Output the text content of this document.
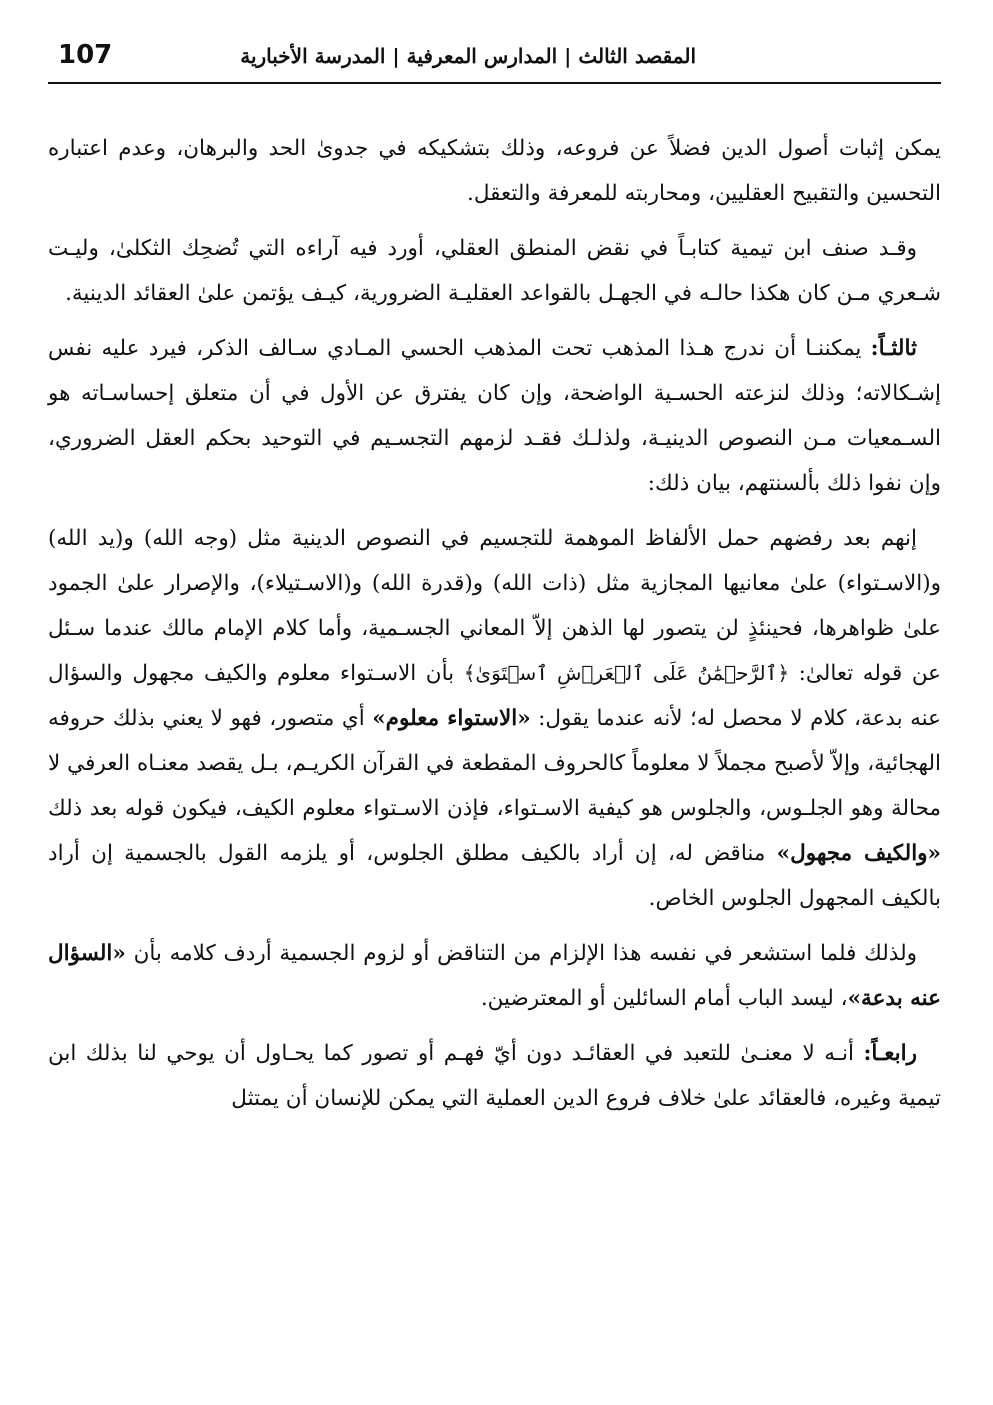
107	المقصد الثالث | المدارس المعرفية | المدرسة الأخبارية

يمكن إثبات أصول الدين فضلاً عن فروعه، وذلك بتشكيكه في جدوىٰ الحد والبرهان، وعدم اعتباره التحسين والتقبيح العقليين، ومحاربته للمعرفة والتعقل.

وقـد صنف ابن تيمية كتابـاً في نقض المنطق العقلي، أورد فيه آراءه التي تُضحِك الثكلىٰ، وليـت شـعري مـن كان هكذا حالـه في الجهـل بالقواعد العقليـة الضرورية، كيـف يؤتمن علىٰ العقائد الدينية.

ثالثـاً: يمكننـا أن ندرج هـذا المذهب تحت المذهب الحسي المـادي سـالف الذكر، فيرد عليه نفس إشـكالاته؛ وذلك لنزعته الحسـية الواضحة، وإن كان يفترق عن الأول في أن متعلق إحساسـاته هو السـمعيات مـن النصوص الدينيـة، ولذلـك فقـد لزمهم التجسـيم في التوحيد بحكم العقل الضروري، وإن نفوا ذلك بألسنتهم، بيان ذلك:

إنهم بعد رفضهم حمل الألفاظ الموهمة للتجسيم في النصوص الدينية مثل (وجه الله) و(يد الله) و(الاسـتواء) علىٰ معانيها المجازية مثل (ذات الله) و(قدرة الله) و(الاسـتيلاء)، والإصرار علىٰ الجمود علىٰ ظواهرها، فحينئذٍ لن يتصور لها الذهن إلاّ المعاني الجسـمية، وأما كلام الإمام مالك عندما سـئل عن قوله تعالىٰ: ﴿ٱلرَّحۡمَٰنُ عَلَى ٱلۡعَرۡشِ ٱسۡتَوَىٰ﴾ بأن الاسـتواء معلوم والكيف مجهول والسؤال عنه بدعة، كلام لا محصل له؛ لأنه عندما يقول: «الاستواء معلوم» أي متصور، فهو لا يعني بذلك حروفه الهجائية، وإلاّ لأصبح مجملاً لا معلوماً كالحروف المقطعة في القرآن الكريـم، بـل يقصد معنـاه العرفي لا محالة وهو الجلـوس، والجلوس هو كيفية الاسـتواء، فإذن الاسـتواء معلوم الكيف، فيكون قوله بعد ذلك «والكيف مجهول» مناقض له، إن أراد بالكيف مطلق الجلوس، أو يلزمه القول بالجسمية إن أراد بالكيف المجهول الجلوس الخاص.

ولذلك فلما استشعر في نفسه هذا الإلزام من التناقض أو لزوم الجسمية أردف كلامه بأن «السؤال عنه بدعة»، ليسد الباب أمام السائلين أو المعترضين.

رابعـاً: أنـه لا معنـىٰ للتعبد في العقائـد دون أيّ فهـم أو تصور كما يحـاول أن يوحي لنا بذلك ابن تيمية وغيره، فالعقائد علىٰ خلاف فروع الدين العملية التي يمكن للإنسان أن يمتثل
